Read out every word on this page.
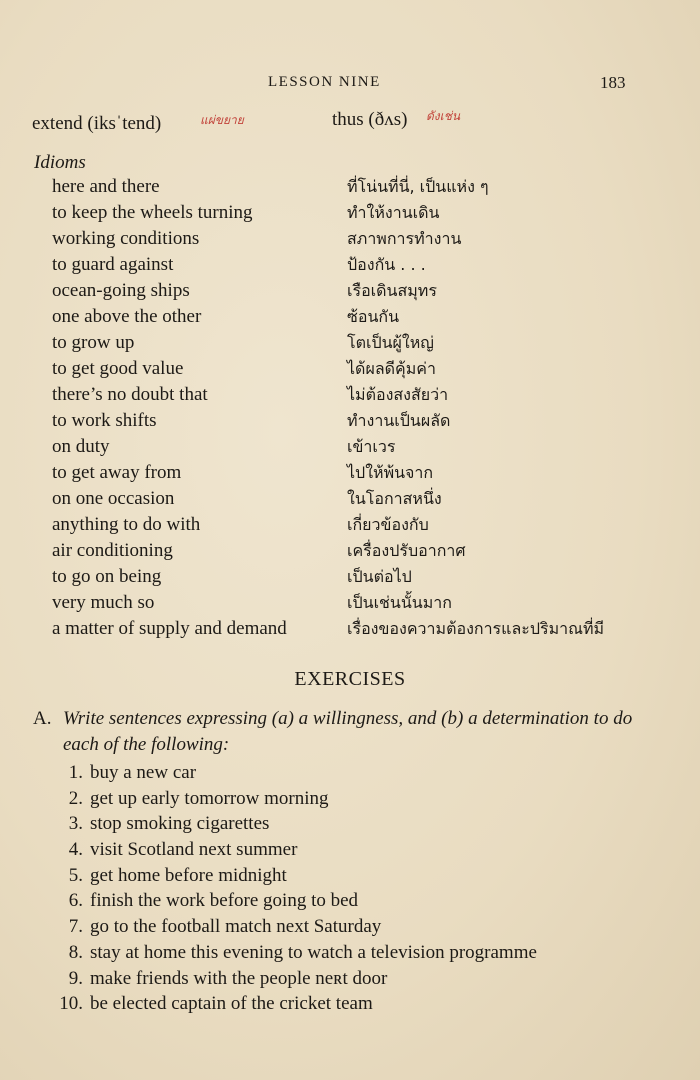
LESSON NINE	183
extend (iksˈtend)	แผ่ขยาย	thus (ðʌs) ดังเช่น
Idioms
here and there	ที่โน่นที่นี่, เป็นแห่ง ๆ
to keep the wheels turning	ทำให้งานเดิน
working conditions	สภาพการทำงาน
to guard against	ป้องกัน . . .
ocean-going ships	เรือเดินสมุทร
one above the other	ซ้อนกัน
to grow up	โตเป็นผู้ใหญ่
to get good value	ได้ผลดีคุ้มค่า
there’s no doubt that	ไม่ต้องสงสัยว่า
to work shifts	ทำงานเป็นผลัด
on duty	เข้าเวร
to get away from	ไปให้พ้นจาก
on one occasion	ในโอกาสหนึ่ง
anything to do with	เกี่ยวข้องกับ
air conditioning	เครื่องปรับอากาศ
to go on being	เป็นต่อไป
very much so	เป็นเช่นนั้นมาก
a matter of supply and demand	เรื่องของความต้องการและปริมาณที่มี
EXERCISES
A. Write sentences expressing (a) a willingness, and (b) a determination to do each of the following:
1. buy a new car
2. get up early tomorrow morning
3. stop smoking cigarettes
4. visit Scotland next summer
5. get home before midnight
6. finish the work before going to bed
7. go to the football match next Saturday
8. stay at home this evening to watch a television programme
9. make friends with the people neʀt door
10. be elected captain of the cricket team
